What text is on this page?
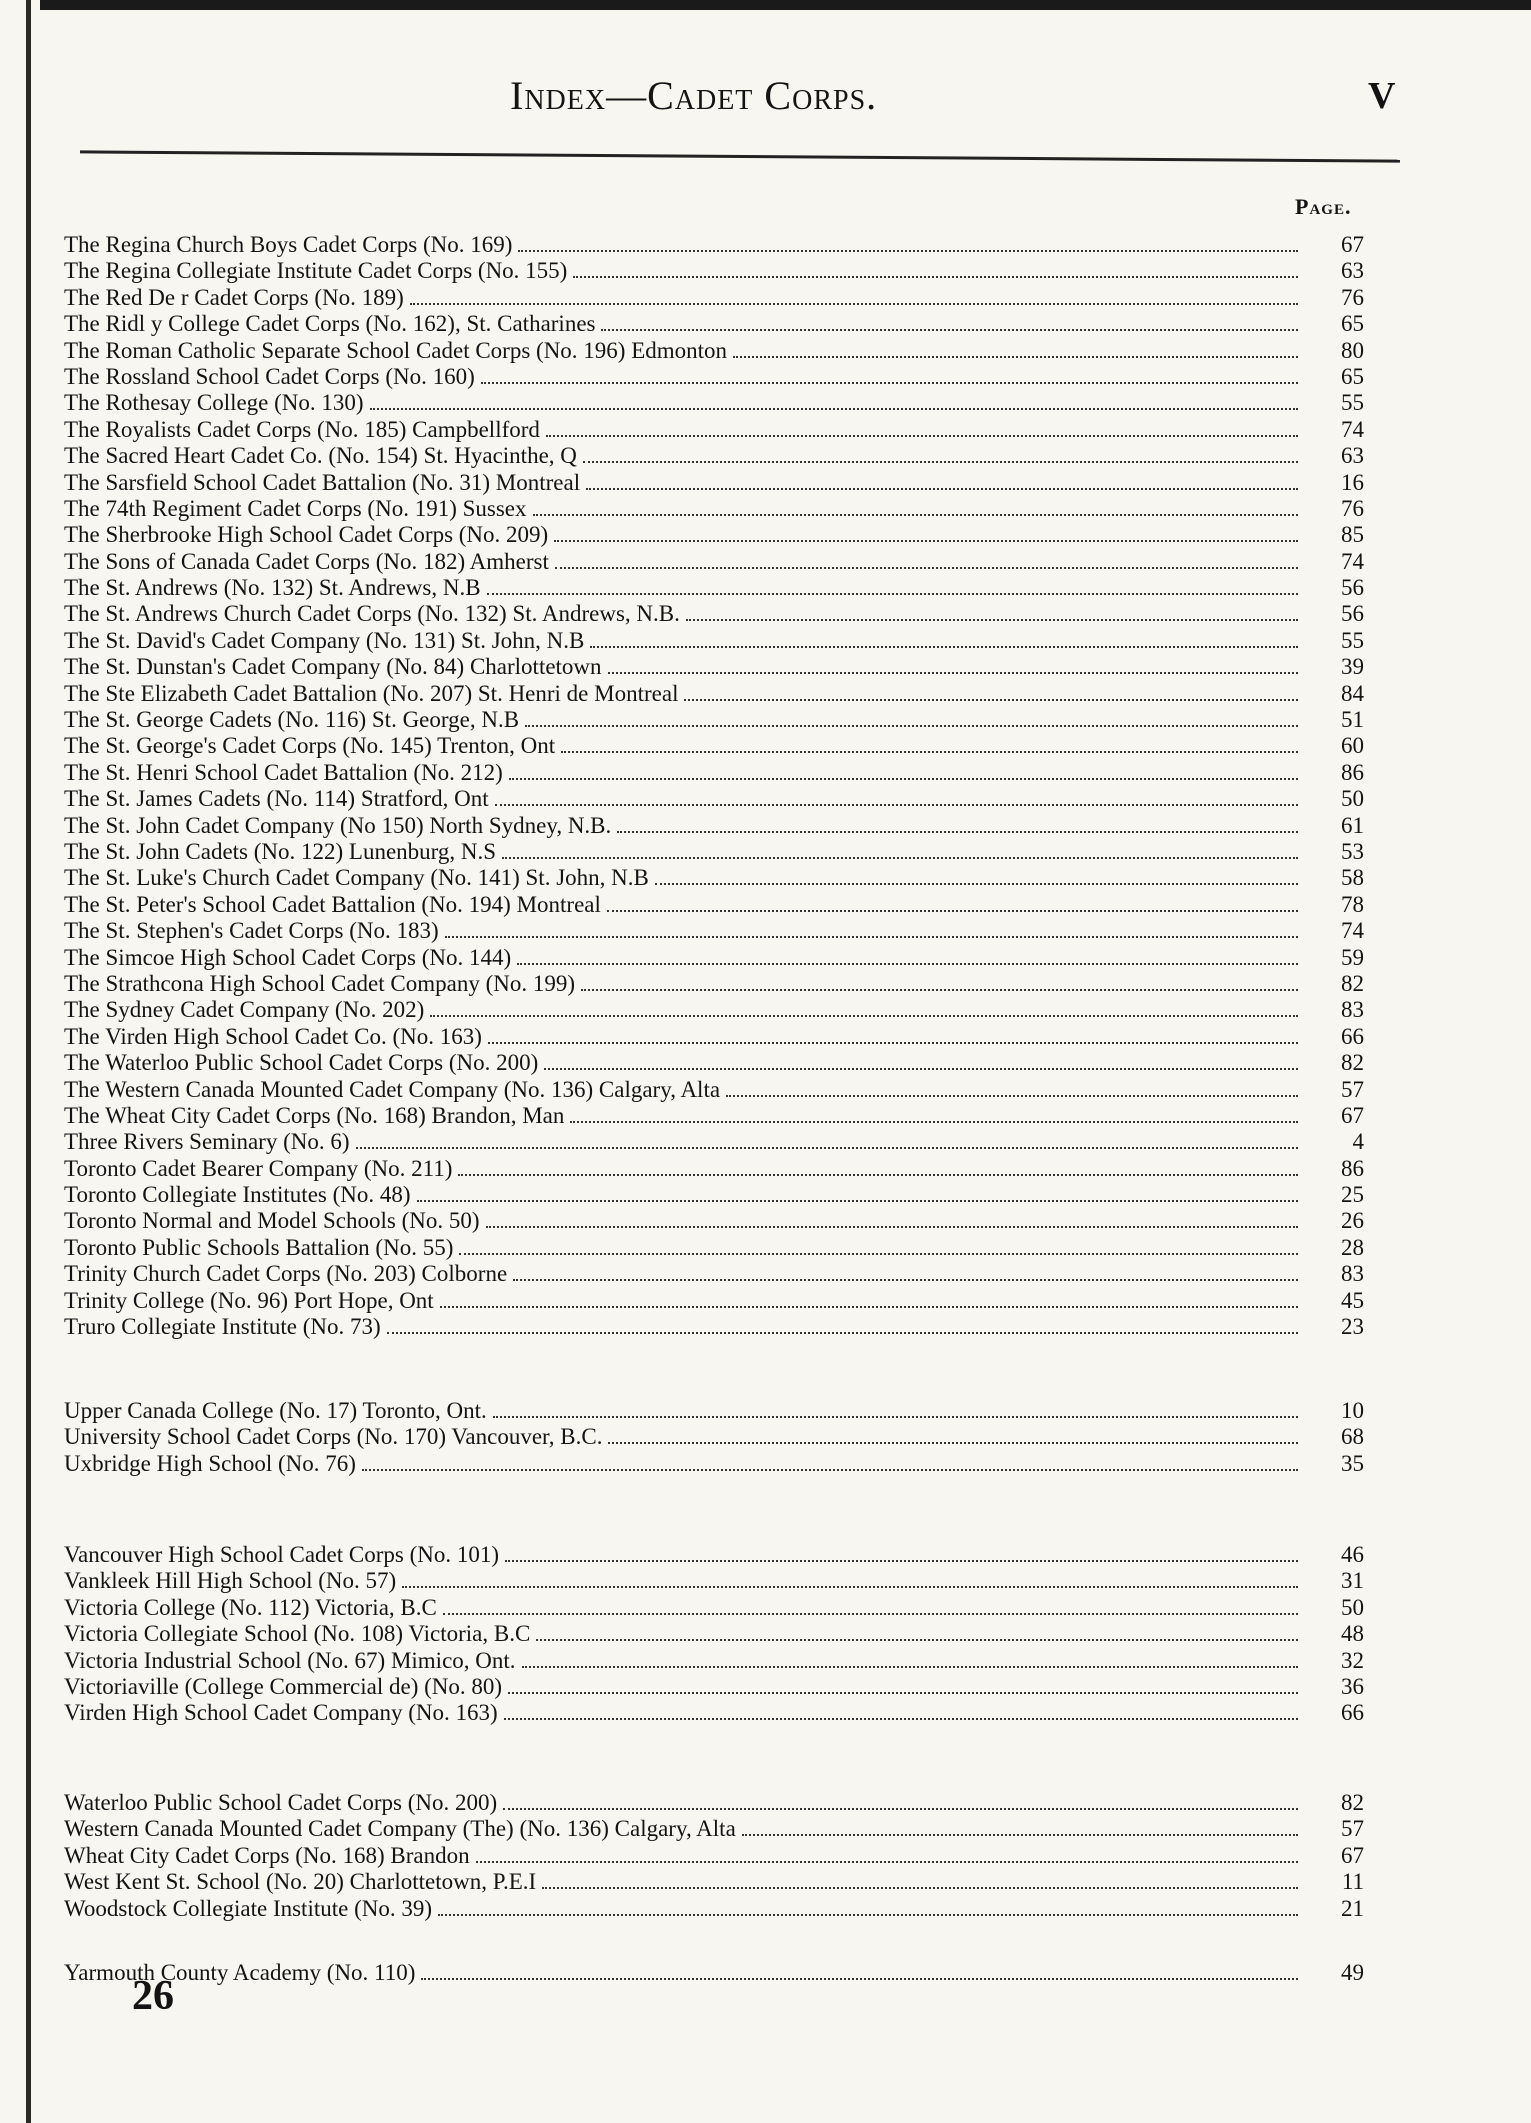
Index—Cadet Corps.	V
Page.
The Regina Church Boys Cadet Corps (No. 169)	67
The Regina Collegiate Institute Cadet Corps (No. 155)	63
The Red De r Cadet Corps (No. 189)	76
The Ridl y College Cadet Corps (No. 162), St. Catharines	65
The Roman Catholic Separate School Cadet Corps (No. 196) Edmonton	80
The Rossland School Cadet Corps (No. 160)	65
The Rothesay College (No. 130)	55
The Royalists Cadet Corps (No. 185) Campbellford	74
The Sacred Heart Cadet Co. (No. 154) St. Hyacinthe, Q	63
The Sarsfield School Cadet Battalion (No. 31) Montreal	16
The 74th Regiment Cadet Corps (No. 191) Sussex	76
The Sherbrooke High School Cadet Corps (No. 209)	85
The Sons of Canada Cadet Corps (No. 182) Amherst	74
The St. Andrews (No. 132) St. Andrews, N.B	56
The St. Andrews Church Cadet Corps (No. 132) St. Andrews, N.B.	56
The St. David's Cadet Company (No. 131) St. John, N.B	55
The St. Dunstan's Cadet Company (No. 84) Charlottetown	39
The Ste Elizabeth Cadet Battalion (No. 207) St. Henri de Montreal	84
The St. George Cadets (No. 116) St. George, N.B	51
The St. George's Cadet Corps (No. 145) Trenton, Ont	60
The St. Henri School Cadet Battalion (No. 212)	86
The St. James Cadets (No. 114) Stratford, Ont	50
The St. John Cadet Company (No 150) North Sydney, N.B.	61
The St. John Cadets (No. 122) Lunenburg, N.S	53
The St. Luke's Church Cadet Company (No. 141) St. John, N.B	58
The St. Peter's School Cadet Battalion (No. 194) Montreal	78
The St. Stephen's Cadet Corps (No. 183)	74
The Simcoe High School Cadet Corps (No. 144)	59
The Strathcona High School Cadet Company (No. 199)	82
The Sydney Cadet Company (No. 202)	83
The Virden High School Cadet Co. (No. 163)	66
The Waterloo Public School Cadet Corps (No. 200)	82
The Western Canada Mounted Cadet Company (No. 136) Calgary, Alta	57
The Wheat City Cadet Corps (No. 168) Brandon, Man	67
Three Rivers Seminary (No. 6)	4
Toronto Cadet Bearer Company (No. 211)	86
Toronto Collegiate Institutes (No. 48)	25
Toronto Normal and Model Schools (No. 50)	26
Toronto Public Schools Battalion (No. 55)	28
Trinity Church Cadet Corps (No. 203) Colborne	83
Trinity College (No. 96) Port Hope, Ont	45
Truro Collegiate Institute (No. 73)	23
Upper Canada College (No. 17) Toronto, Ont.	10
University School Cadet Corps (No. 170) Vancouver, B.C.	68
Uxbridge High School (No. 76)	35
Vancouver High School Cadet Corps (No. 101)	46
Vankleek Hill High School (No. 57)	31
Victoria College (No. 112) Victoria, B.C	50
Victoria Collegiate School (No. 108) Victoria, B.C	48
Victoria Industrial School (No. 67) Mimico, Ont.	32
Victoriaville (College Commercial de) (No. 80)	36
Virden High School Cadet Company (No. 163)	66
Waterloo Public School Cadet Corps (No. 200)	82
Western Canada Mounted Cadet Company (The) (No. 136) Calgary, Alta	57
Wheat City Cadet Corps (No. 168) Brandon	67
West Kent St. School (No. 20) Charlottetown, P.E.I	11
Woodstock Collegiate Institute (No. 39)	21
Yarmouth County Academy (No. 110)	49
26
